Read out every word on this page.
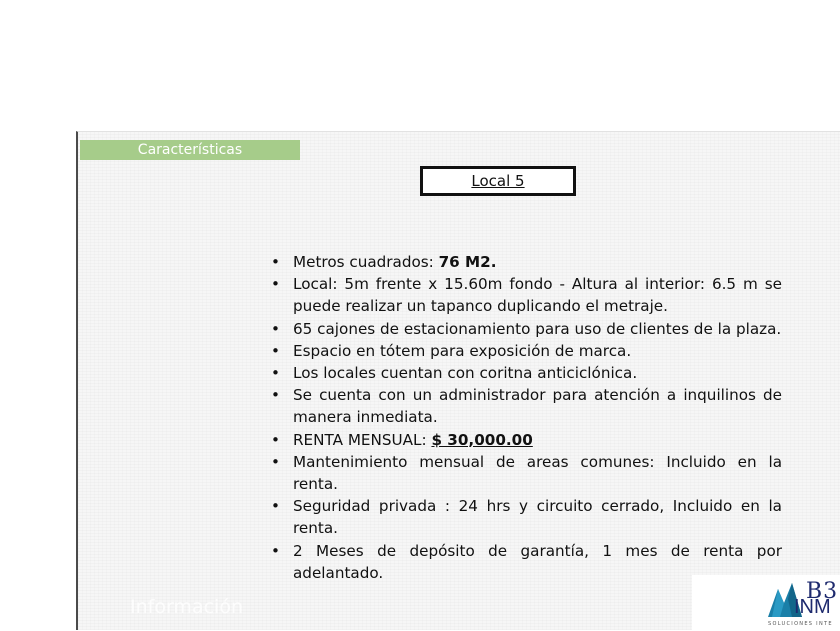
Características
Local 5
• Metros cuadrados: 76 M2.
• Local: 5m frente x 15.60m fondo - Altura al interior: 6.5 m se puede realizar un tapanco duplicando el metraje.
• 65 cajones de estacionamiento para uso de clientes de la plaza.
• Espacio en tótem para exposición de marca.
• Los locales cuentan con coritna anticiclónica.
• Se cuenta con un administrador para atención a inquilinos de manera inmediata.
• RENTA MENSUAL: $ 30,000.00
• Mantenimiento mensual de areas comunes: Incluido en la renta.
• Seguridad privada : 24 hrs y circuito cerrado, Incluido en la renta.
• 2 Meses de depósito de garantía, 1 mes de renta por adelantado.
Información
B3
INM
SOLUCIONES INTE
